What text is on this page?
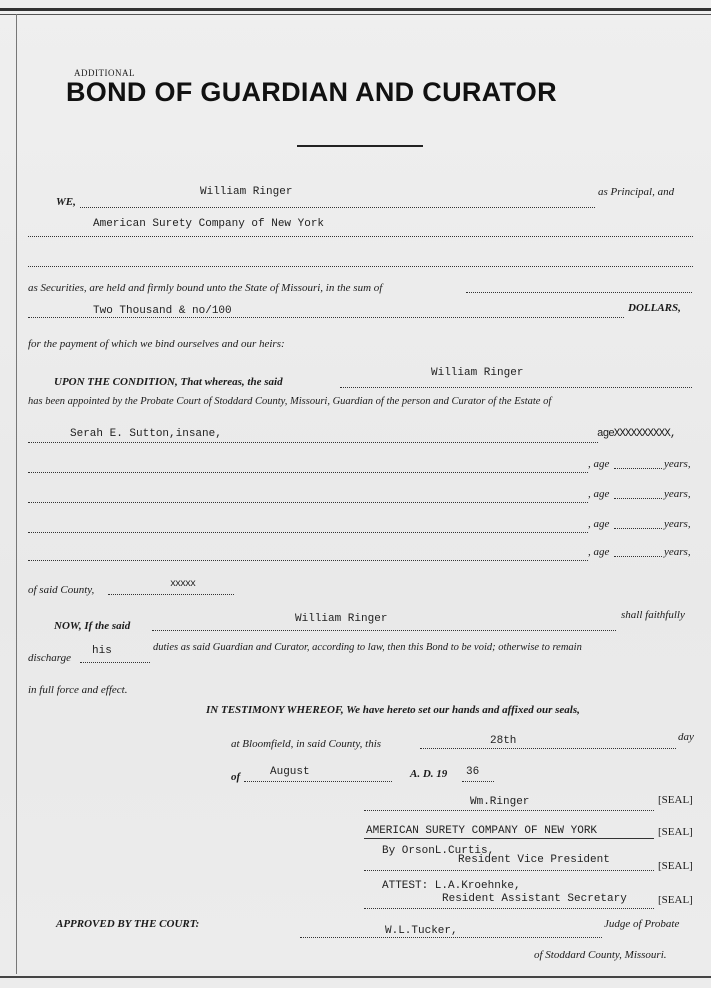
ADDITIONAL
BOND OF GUARDIAN AND CURATOR
WE,
William Ringer	as Principal, and
American Surety Company of New York
as Securities, are held and firmly bound unto the State of Missouri, in the sum of
Two Thousand & no/100	DOLLARS,
for the payment of which we bind ourselves and our heirs:
UPON THE CONDITION, That whereas, the said
William Ringer
has been appointed by the Probate Court of Stoddard County, Missouri, Guardian of the person and Curator of the Estate of
Serah E. Sutton,insane,	ageXXXXXXXXXX,
, age	years,
, age	years,
, age	years,
, age	years,
of said County,	xxxxx
NOW, If the said
William Ringer	shall faithfully
discharge
his	duties as said Guardian and Curator, according to law, then this Bond to be void; otherwise to remain
in full force and effect.
IN TESTIMONY WHEREOF, We have hereto set our hands and affixed our seals,
at Bloomfield, in said County, this	28th	day
of	August	A. D. 19 36
Wm.Ringer	[SEAL]
AMERICAN SURETY COMPANY OF NEW YORK	[SEAL]
By OrsonL.Curtis,
Resident Vice President	[SEAL]
ATTEST: L.A.Kroehnke,
Resident Assistant Secretary	[SEAL]
APPROVED BY THE COURT:
W.L.Tucker,
Judge of Probate
of Stoddard County, Missouri.
